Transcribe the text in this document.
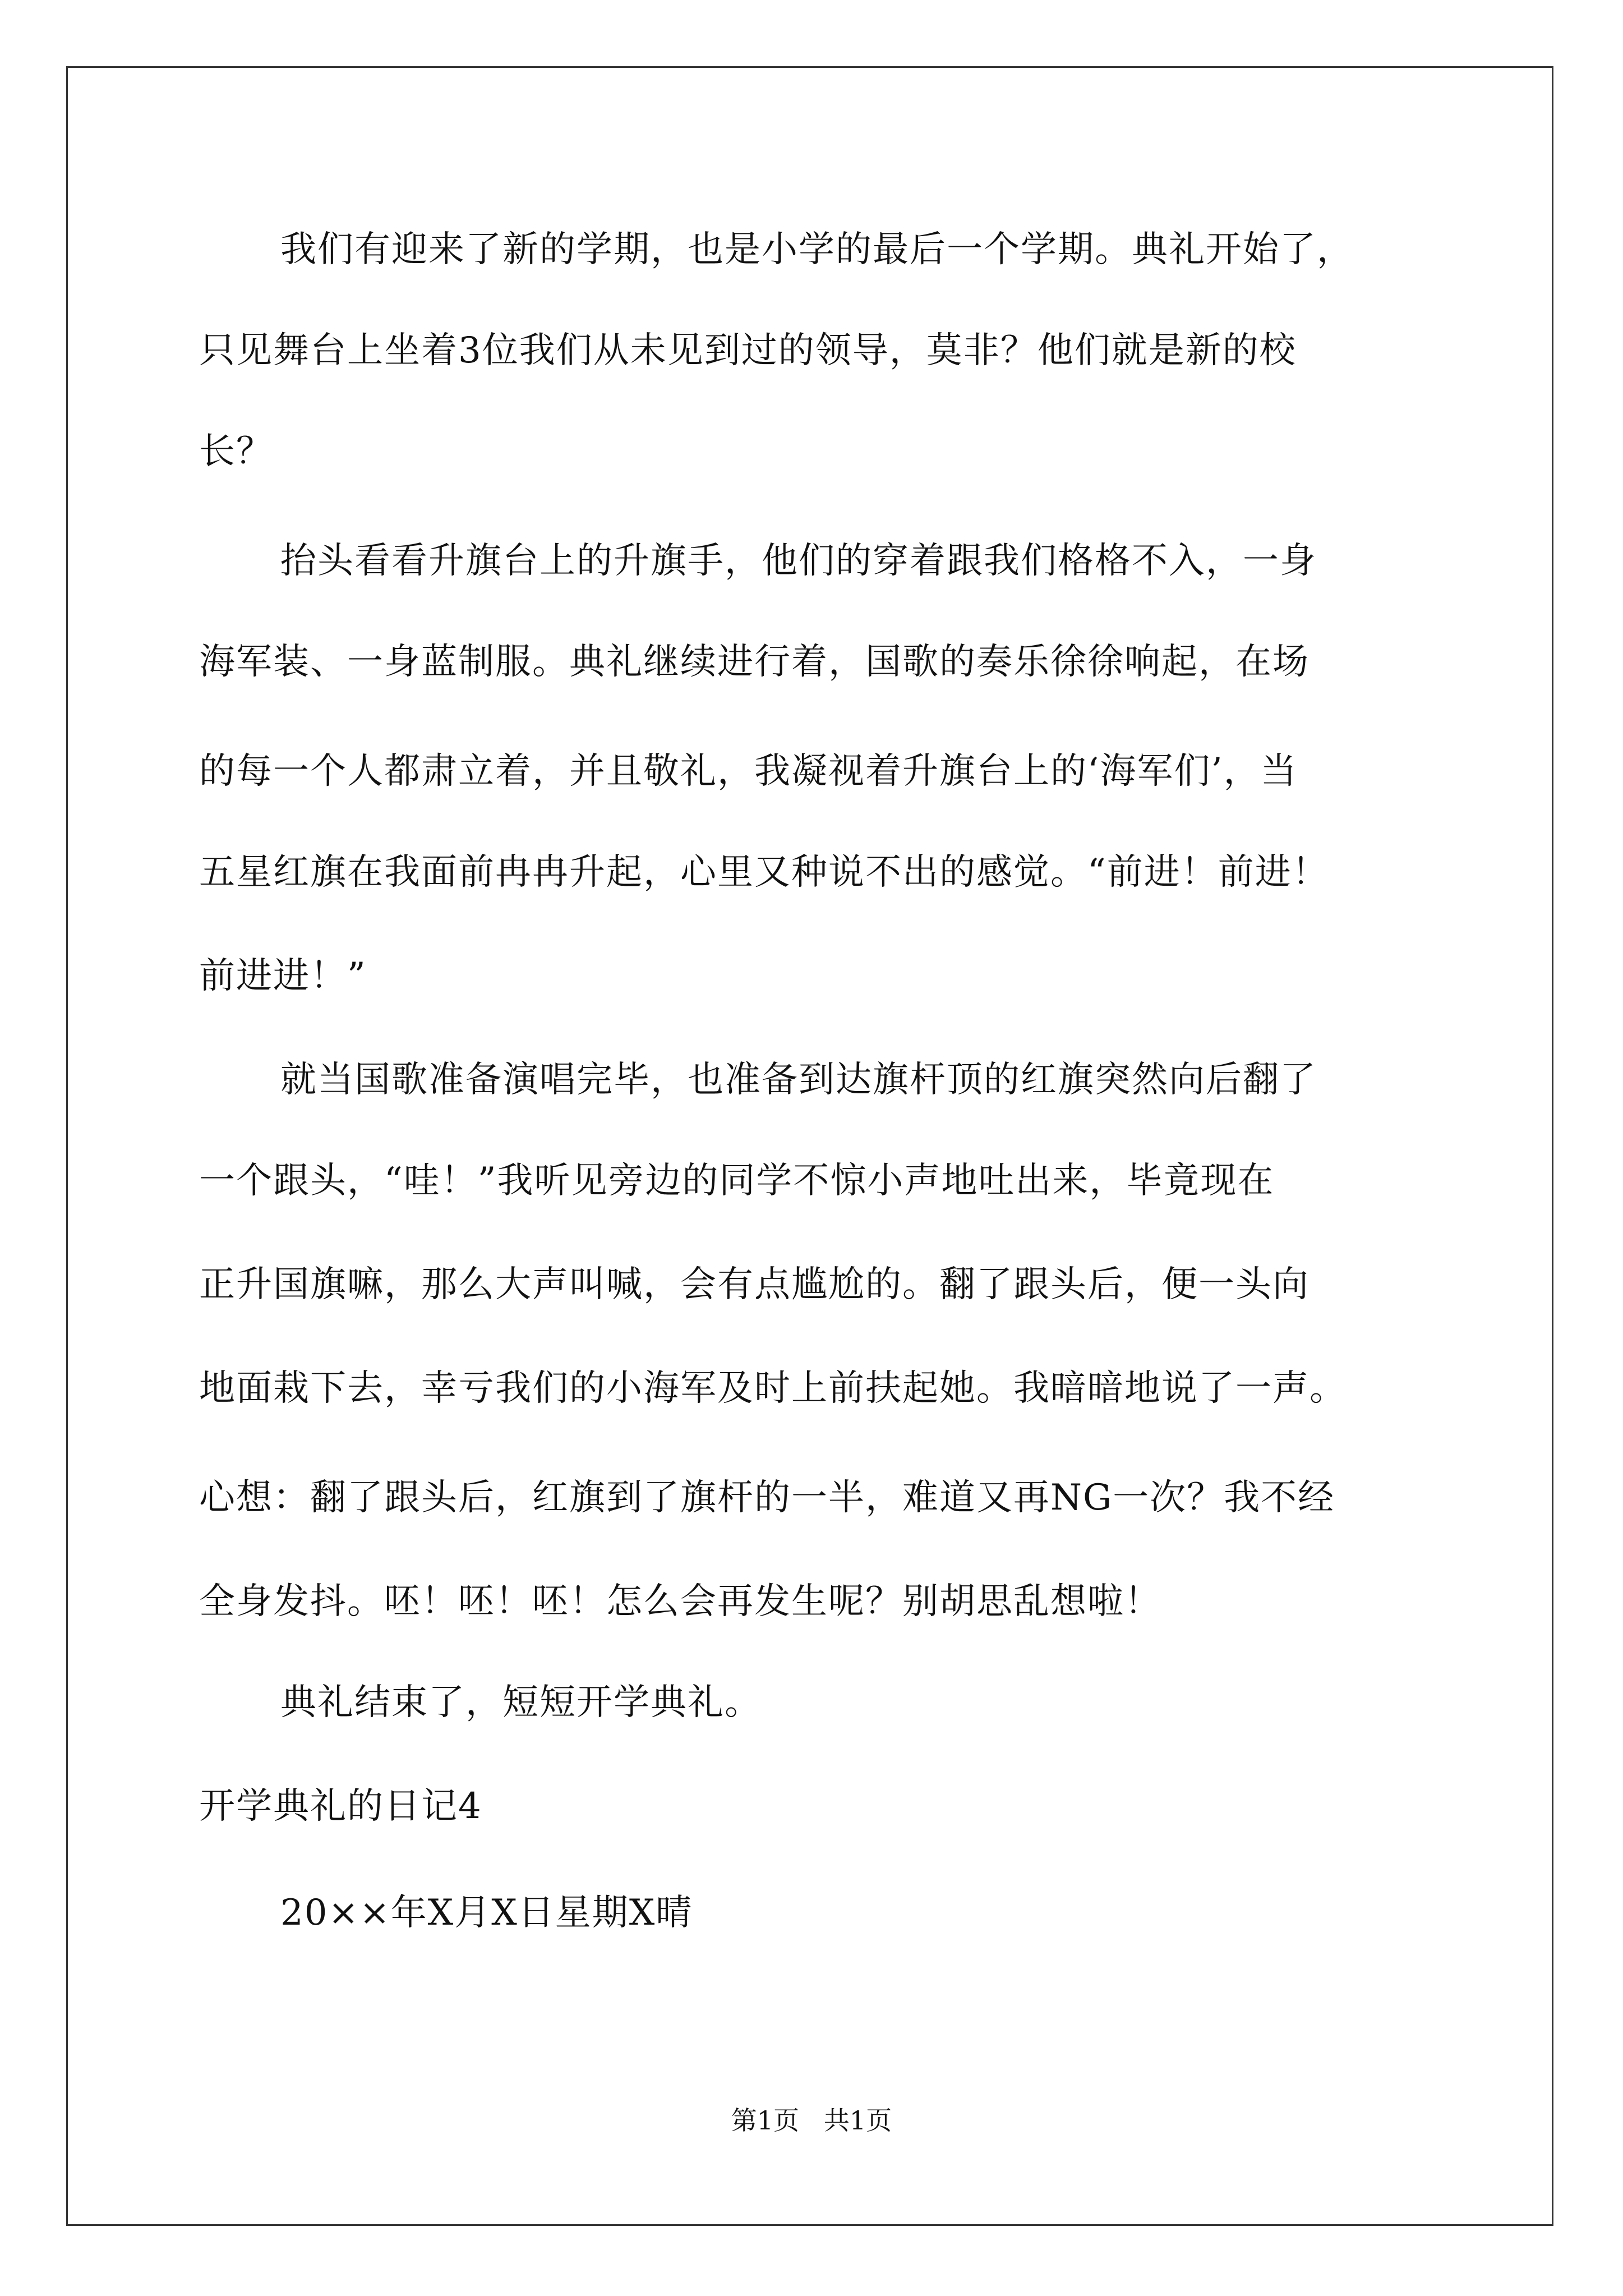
我们有迎来了新的学期，也是小学的最后一个学期。典礼开始了，
只见舞台上坐着3位我们从未见到过的领导，莫非？他们就是新的校
长？
抬头看看升旗台上的升旗手，他们的穿着跟我们格格不入，一身
海军装、一身蓝制服。典礼继续进行着，国歌的奏乐徐徐响起，在场
的每一个人都肃立着，并且敬礼，我凝视着升旗台上的‘海军们’，当
五星红旗在我面前冉冉升起，心里又种说不出的感觉。“前进！前进！
前进进！”
就当国歌准备演唱完毕，也准备到达旗杆顶的红旗突然向后翻了
一个跟头，“哇！”我听见旁边的同学不惊小声地吐出来，毕竟现在
正升国旗嘛，那么大声叫喊，会有点尴尬的。翻了跟头后，便一头向
地面栽下去，幸亏我们的小海军及时上前扶起她。我暗暗地说了一声。
心想：翻了跟头后，红旗到了旗杆的一半，难道又再NG一次？我不经
全身发抖。呸！呸！呸！怎么会再发生呢？别胡思乱想啦！
典礼结束了，短短开学典礼。
开学典礼的日记4
20××年X月X日星期X晴
第1页   共1页
